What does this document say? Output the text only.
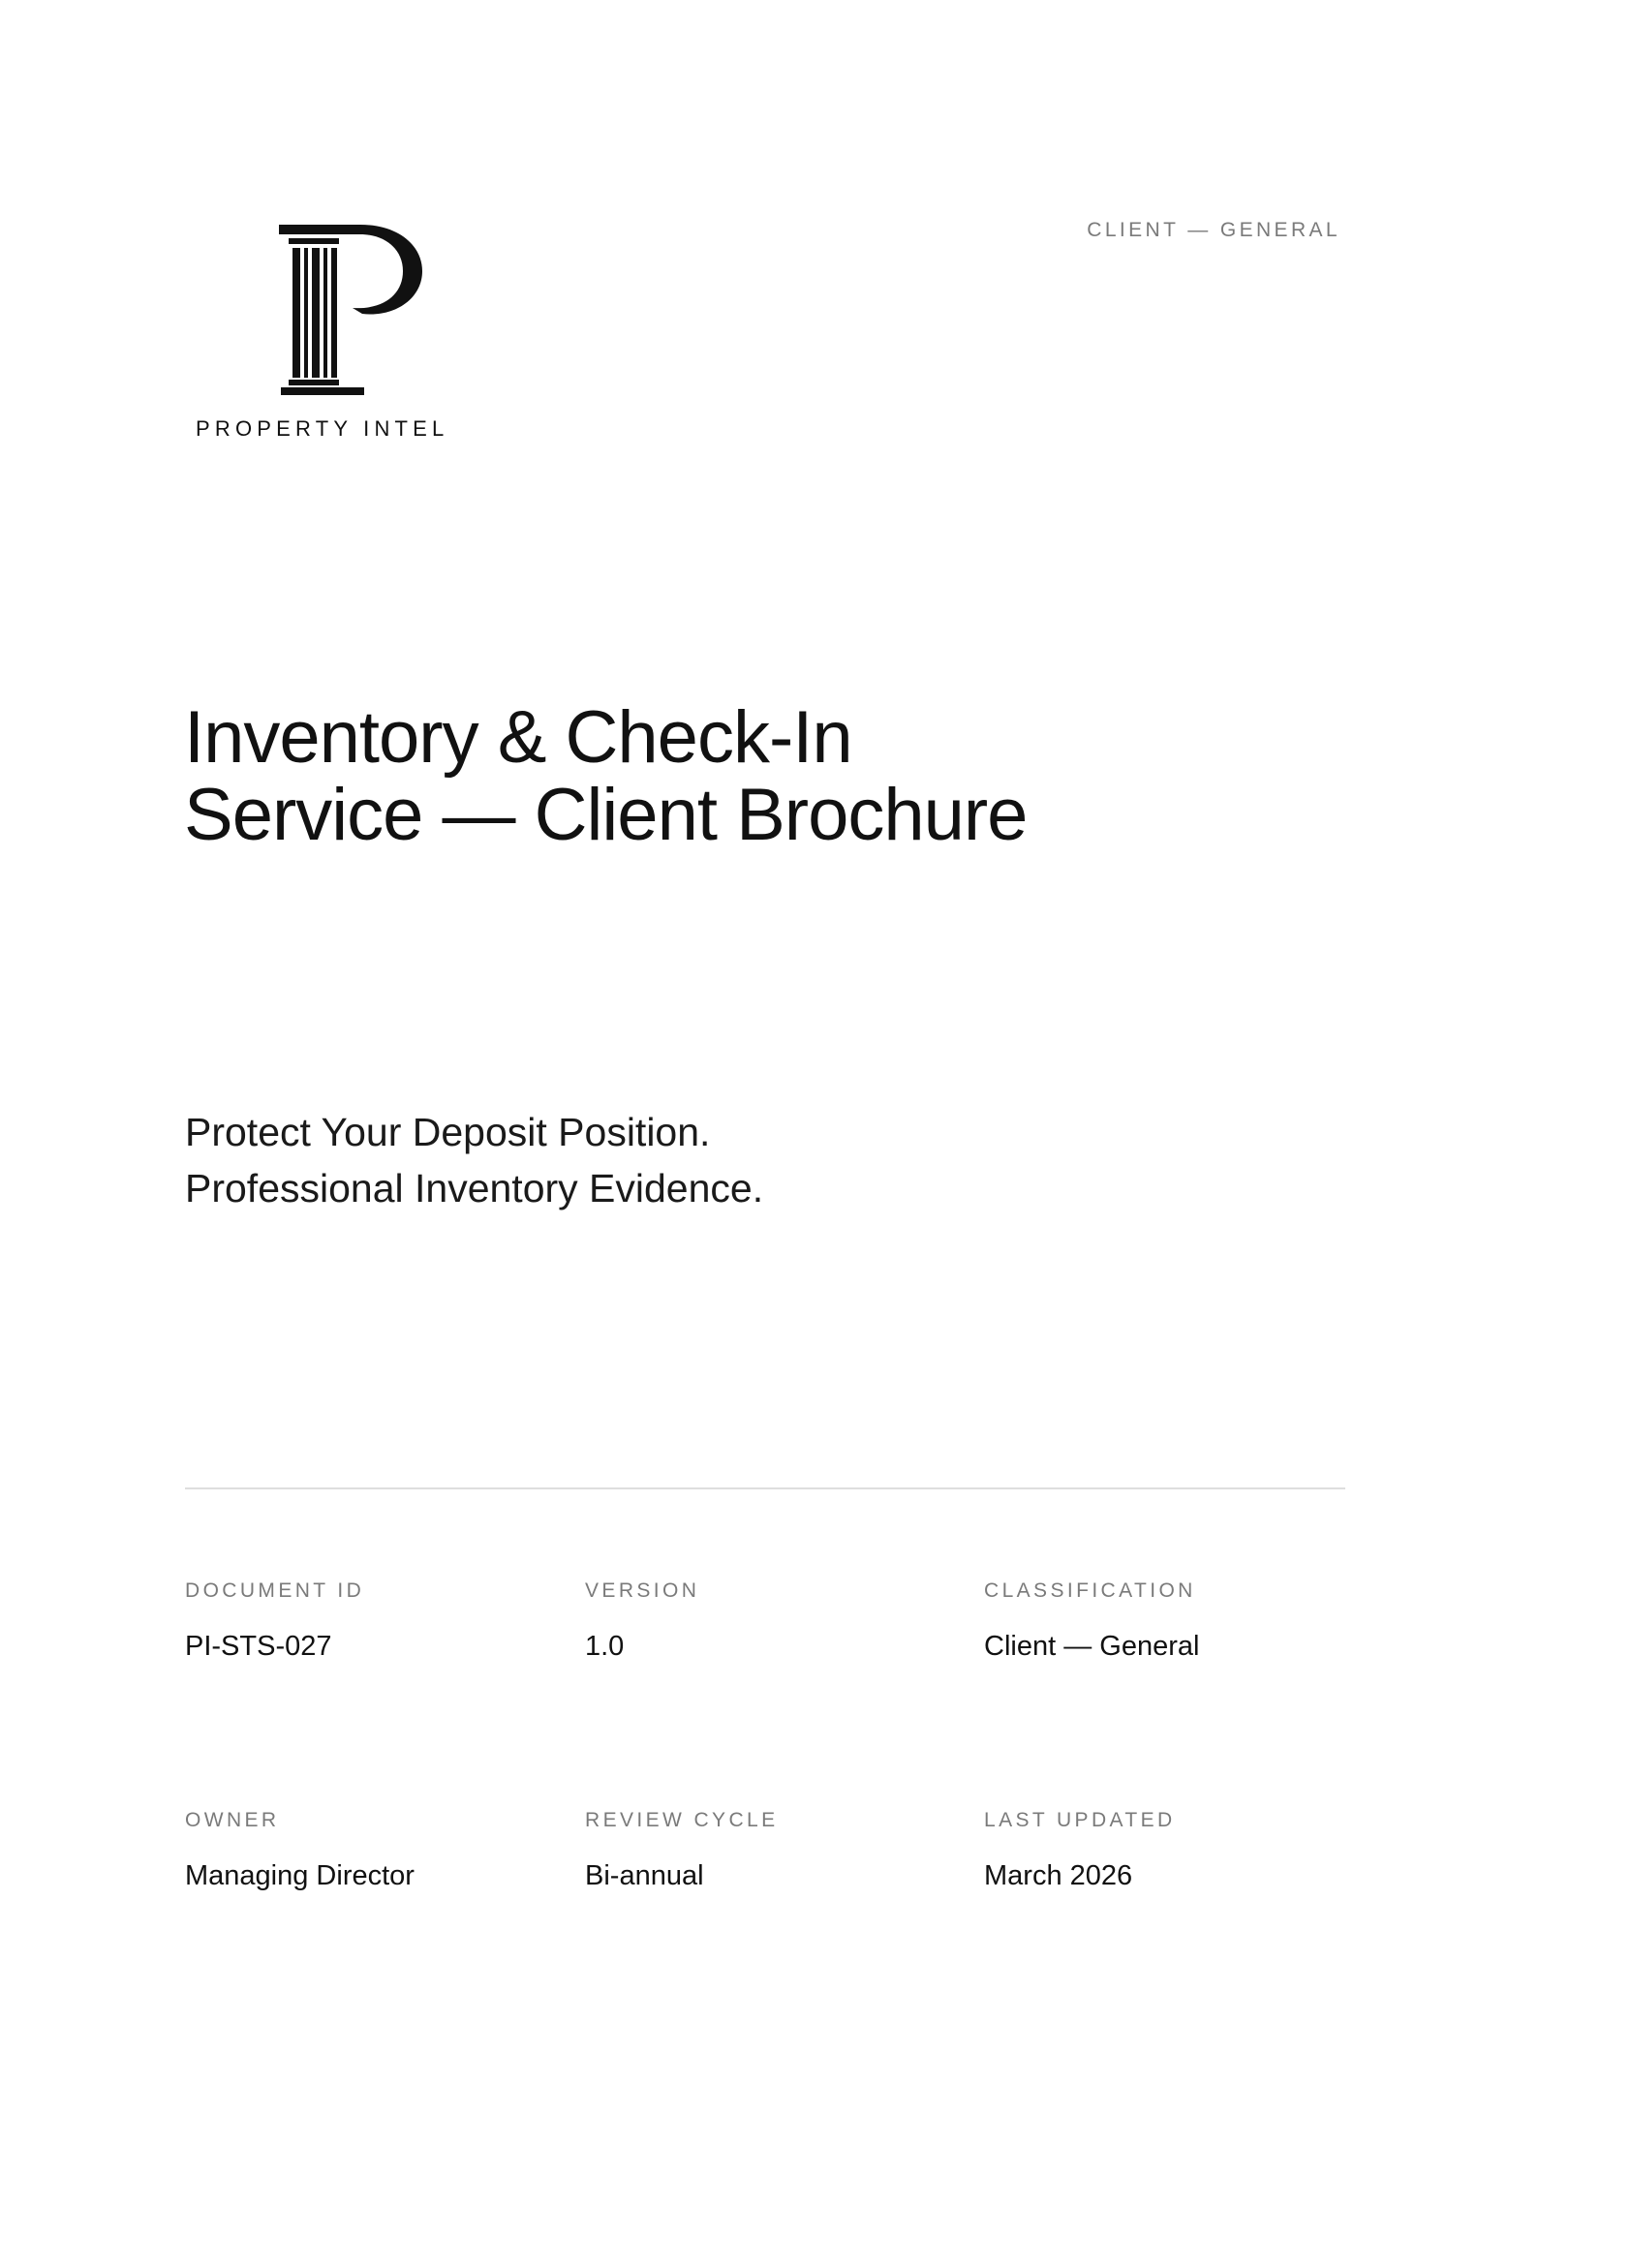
PROPERTY INTEL
CLIENT — GENERAL
Inventory & Check-In Service — Client Brochure
Protect Your Deposit Position.
Professional Inventory Evidence.
DOCUMENT ID
PI-STS-027
VERSION
1.0
CLASSIFICATION
Client — General
OWNER
Managing Director
REVIEW CYCLE
Bi-annual
LAST UPDATED
March 2026
